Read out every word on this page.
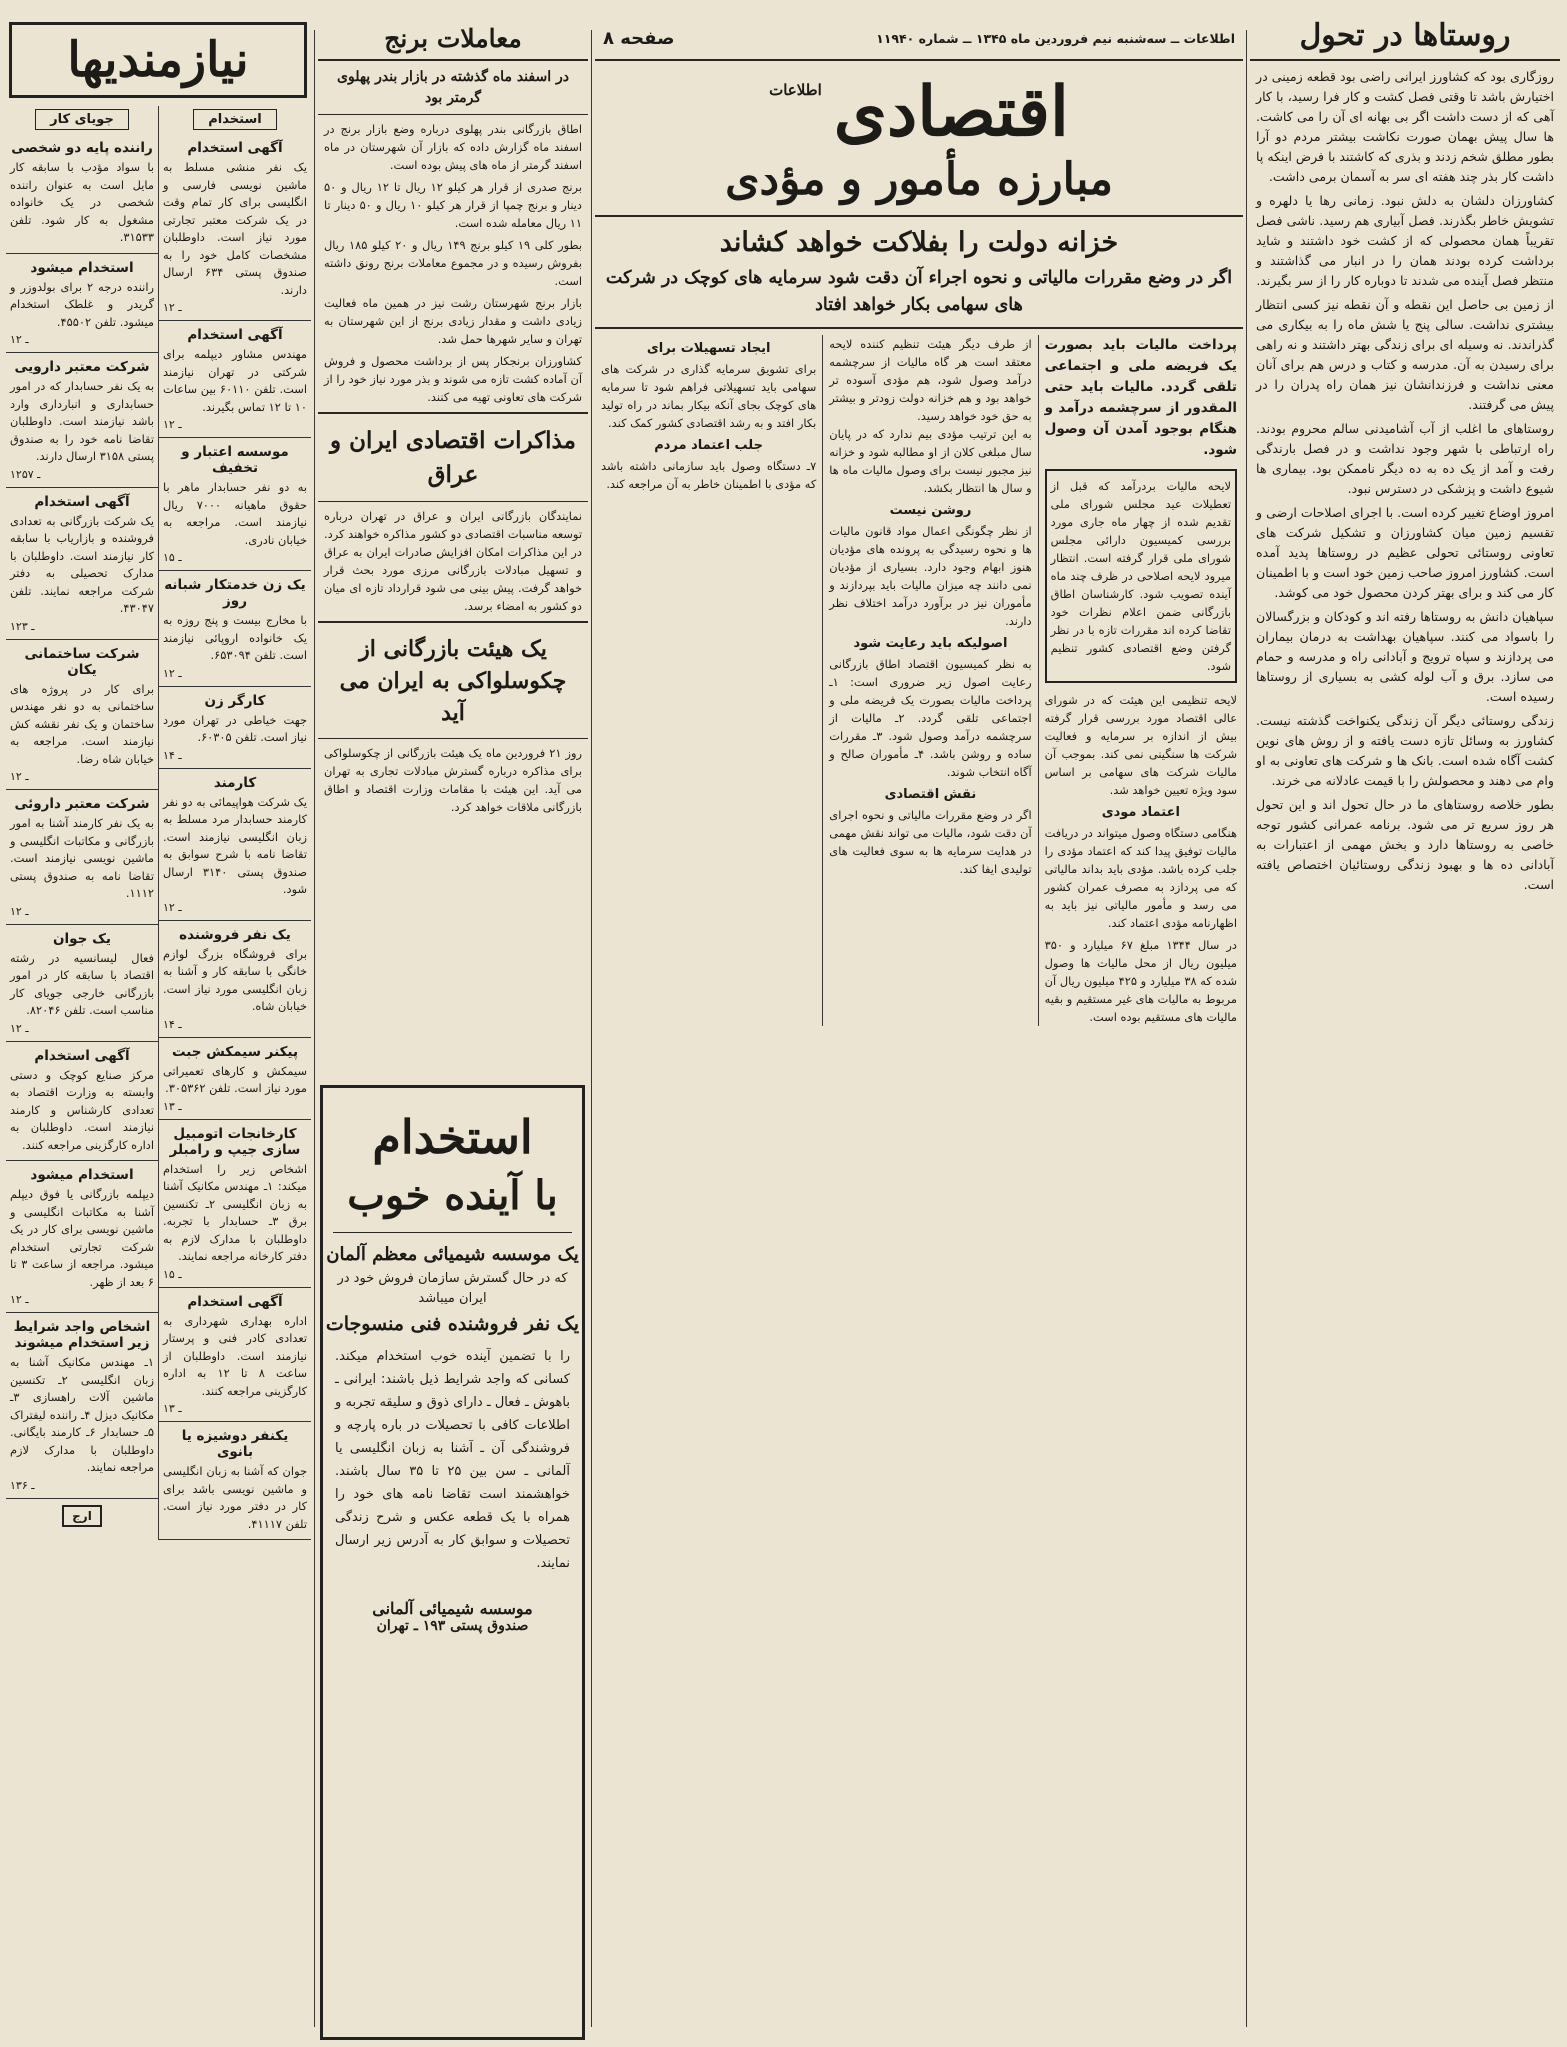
روستاها در تحول

روزگاری بود که کشاورز ایرانی راضی بود قطعه زمینی در اختیارش باشد تا وقتی فصل کشت و کار فرا رسید، با کار آهی که از دست داشت اگر بی بهانه ای آن را می کاشت. ها سال پیش بهمان صورت نکاشت بیشتر مردم دو آرا بطور مطلق شخم زدند و بذری که کاشتند با فرض اینکه پا داشت کار بذر چند هفته ای سر به آسمان برمی داشت.

کشاورزان دلشان به دلش نبود. زمانی رها یا دلهره و تشویش خاطر بگذرند. فصل آبیاری هم رسید. ناشی فصل تقریباً همان محصولی که از کشت خود داشتند و شاید برداشت کرده بودند همان را در انبار می گذاشتند و منتظر فصل آینده می شدند تا دوباره کار را از سر بگیرند.

از زمین بی حاصل این نقطه و آن نقطه نیز کسی انتظار بیشتری نداشت. سالی پنج یا شش ماه را به بیکاری می گذراندند. نه وسیله ای برای زندگی بهتر داشتند و نه راهی برای رسیدن به آن. مدرسه و کتاب و درس هم برای آنان معنی نداشت و فرزندانشان نیز همان راه پدران را در پیش می گرفتند.

روستاهای ما اغلب از آب آشامیدنی سالم محروم بودند. راه ارتباطی با شهر وجود نداشت و در فصل بارندگی رفت و آمد از یک ده به ده دیگر ناممکن بود. بیماری ها شیوع داشت و پزشکی در دسترس نبود.

امروز اوضاع تغییر کرده است. با اجرای اصلاحات ارضی و تقسیم زمین میان کشاورزان و تشکیل شرکت های تعاونی روستائی تحولی عظیم در روستاها پدید آمده است. کشاورز امروز صاحب زمین خود است و با اطمینان کار می کند و برای بهتر کردن محصول خود می کوشد.

سپاهیان دانش به روستاها رفته اند و کودکان و بزرگسالان را باسواد می کنند. سپاهیان بهداشت به درمان بیماران می پردازند و سپاه ترویج و آبادانی راه و مدرسه و حمام می سازد. برق و آب لوله کشی به بسیاری از روستاها رسیده است.

زندگی روستائی دیگر آن زندگی یکنواخت گذشته نیست. کشاورز به وسائل تازه دست یافته و از روش های نوین کشت آگاه شده است. بانک ها و شرکت های تعاونی به او وام می دهند و محصولش را با قیمت عادلانه می خرند.

بطور خلاصه روستاهای ما در حال تحول اند و این تحول هر روز سریع تر می شود. برنامه عمرانی کشور توجه خاصی به روستاها دارد و بخش مهمی از اعتبارات به آبادانی ده ها و بهبود زندگی روستائیان اختصاص یافته است.

اطلاعات ــ سه‌شنبه نیم فروردین ماه ۱۳۴۵ ــ شماره ۱۱۹۴۰
صفحه ۸
اقتصادی
اطلاعات
مبارزه مأمور و مؤدی
خزانه دولت را بفلاکت خواهد کشاند
اگر در وضع مقررات مالیاتی و نحوه اجراء آن دقت شود سرمایه های کوچک در شرکت های سهامی بکار خواهد افتاد
پرداخت مالیات باید بصورت یک فریضه ملی و اجتماعی تلقی گردد. مالیات باید حتی المقدور از سرچشمه درآمد و هنگام بوجود آمدن آن وصول شود.
لایحه مالیات بردرآمد که قبل از تعطیلات عید مجلس شورای ملی تقدیم شده از چهار ماه جاری مورد بررسی کمیسیون دارائی مجلس شورای ملی قرار گرفته است. انتظار میرود لایحه اصلاحی در ظرف چند ماه آینده تصویب شود. کارشناسان اطاق بازرگانی ضمن اعلام نظرات خود تقاضا کرده اند مقررات تازه با در نظر گرفتن وضع اقتصادی کشور تنظیم شود.
لایحه تنظیمی این هیئت که در شورای عالی اقتصاد مورد بررسی قرار گرفته بیش از اندازه بر سرمایه و فعالیت شرکت ها سنگینی نمی کند. بموجب آن مالیات شرکت های سهامی بر اساس سود ویژه تعیین خواهد شد.
اعتماد مودی
هنگامی دستگاه وصول میتواند در دریافت مالیات توفیق پیدا کند که اعتماد مؤدی را جلب کرده باشد. مؤدی باید بداند مالیاتی که می پردازد به مصرف عمران کشور می رسد و مأمور مالیاتی نیز باید به اظهارنامه مؤدی اعتماد کند.
در سال ۱۳۴۴ مبلغ ۶۷ میلیارد و ۳۵۰ میلیون ریال از محل مالیات ها وصول شده که ۳۸ میلیارد و ۴۲۵ میلیون ریال آن مربوط به مالیات های غیر مستقیم و بقیه مالیات های مستقیم بوده است.
از طرف دیگر هیئت تنظیم کننده لایحه معتقد است هر گاه مالیات از سرچشمه درآمد وصول شود، هم مؤدی آسوده تر خواهد بود و هم خزانه دولت زودتر و بیشتر به حق خود خواهد رسید.
به این ترتیب مؤدی بیم ندارد که در پایان سال مبلغی کلان از او مطالبه شود و خزانه نیز مجبور نیست برای وصول مالیات ماه ها و سال ها انتظار بکشد.
روشن نیست
از نظر چگونگی اعمال مواد قانون مالیات ها و نحوه رسیدگی به پرونده های مؤدیان هنوز ابهام وجود دارد. بسیاری از مؤدیان نمی دانند چه میزان مالیات باید بپردازند و مأموران نیز در برآورد درآمد اختلاف نظر دارند.
اصولیکه باید رعایت شود
به نظر کمیسیون اقتصاد اطاق بازرگانی رعایت اصول زیر ضروری است: ۱ـ پرداخت مالیات بصورت یک فریضه ملی و اجتماعی تلقی گردد. ۲ـ مالیات از سرچشمه درآمد وصول شود. ۳ـ مقررات ساده و روشن باشد. ۴ـ مأموران صالح و آگاه انتخاب شوند.
نقش اقتصادی
اگر در وضع مقررات مالیاتی و نحوه اجرای آن دقت شود، مالیات می تواند نقش مهمی در هدایت سرمایه ها به سوی فعالیت های تولیدی ایفا کند.
ایجاد تسهیلات برای
برای تشویق سرمایه گذاری در شرکت های سهامی باید تسهیلاتی فراهم شود تا سرمایه های کوچک بجای آنکه بیکار بماند در راه تولید بکار افتد و به رشد اقتصادی کشور کمک کند.
جلب اعتماد مردم
۷ـ دستگاه وصول باید سازمانی داشته باشد که مؤدی با اطمینان خاطر به آن مراجعه کند.
معاملات برنج
در اسفند ماه گذشته در بازار بندر پهلوی گرمتر بود

اطاق بازرگانی بندر پهلوی درباره وضع بازار برنج در اسفند ماه گزارش داده که بازار آن شهرستان در ماه اسفند گرمتر از ماه های پیش بوده است.

برنج صدری از قرار هر کیلو ۱۲ ریال تا ۱۲ ریال و ۵۰ دینار و برنج چمپا از قرار هر کیلو ۱۰ ریال و ۵۰ دینار تا ۱۱ ریال معامله شده است.

بطور کلی ۱۹ کیلو برنج ۱۴۹ ریال و ۲۰ کیلو ۱۸۵ ریال بفروش رسیده و در مجموع معاملات برنج رونق داشته است.

بازار برنج شهرستان رشت نیز در همین ماه فعالیت زیادی داشت و مقدار زیادی برنج از این شهرستان به تهران و سایر شهرها حمل شد.

کشاورزان برنجکار پس از برداشت محصول و فروش آن آماده کشت تازه می شوند و بذر مورد نیاز خود را از شرکت های تعاونی تهیه می کنند.

مذاکرات اقتصادی ایران و عراق
نمایندگان بازرگانی ایران و عراق در تهران درباره توسعه مناسبات اقتصادی دو کشور مذاکره خواهند کرد. در این مذاکرات امکان افزایش صادرات ایران به عراق و تسهیل مبادلات بازرگانی مرزی مورد بحث قرار خواهد گرفت. پیش بینی می شود قرارداد تازه ای میان دو کشور به امضاء برسد.
یک هیئت بازرگانی از چکوسلواکی به ایران می آید
روز ۲۱ فروردین ماه یک هیئت بازرگانی از چکوسلواکی برای مذاکره درباره گسترش مبادلات تجاری به تهران می آید. این هیئت با مقامات وزارت اقتصاد و اطاق بازرگانی ملاقات خواهد کرد.
استخدام
با آینده خوب
یک موسسه شیمیائی معظم آلمان
که در حال گسترش سازمان فروش خود در ایران میباشد
یک نفر فروشنده فنی منسوجات
را با تضمین آینده خوب استخدام میکند. کسانی که واجد شرایط ذیل باشند: ایرانی ـ باهوش ـ فعال ـ دارای ذوق و سلیقه تجربه و اطلاعات کافی با تحصیلات در باره پارچه و فروشندگی آن ـ آشنا به زبان انگلیسی یا آلمانی ـ سن بین ۲۵ تا ۳۵ سال باشند. خواهشمند است تقاضا نامه های خود را همراه با یک قطعه عکس و شرح زندگی تحصیلات و سوابق کار به آدرس زیر ارسال نمایند.
موسسه شیمیائی آلمانی
صندوق پستی ۱۹۳ ـ تهران
نیازمندیها
استخدام
آگهی استخدام
یک نفر منشی مسلط به ماشین نویسی فارسی و انگلیسی برای کار تمام وقت در یک شرکت معتبر تجارتی مورد نیاز است. داوطلبان مشخصات کامل خود را به صندوق پستی ۶۳۴ ارسال دارند.
۱ـ ۲
آگهی استخدام
مهندس مشاور دیپلمه برای شرکتی در تهران نیازمند است. تلفن ۶۰۱۱۰ بین ساعات ۱۰ تا ۱۲ تماس بگیرند.
۱ـ ۲
موسسه اعتبار و تخفیف
به دو نفر حسابدار ماهر با حقوق ماهیانه ۷۰۰۰ ریال نیازمند است. مراجعه به خیابان نادری.
۱ـ ۵
یک زن خدمتکار شبانه روز
با مخارج بیست و پنج روزه به یک خانواده اروپائی نیازمند است. تلفن ۶۵۳۰۹۴.
۱ـ ۲
کارگر زن
جهت خیاطی در تهران مورد نیاز است. تلفن ۶۰۳۰۵.
۱ـ ۴
کارمند
یک شرکت هواپیمائی به دو نفر کارمند حسابدار مرد مسلط به زبان انگلیسی نیازمند است. تقاضا نامه با شرح سوابق به صندوق پستی ۳۱۴۰ ارسال شود.
۱ـ ۲
یک نفر فروشنده
برای فروشگاه بزرگ لوازم خانگی با سابقه کار و آشنا به زبان انگلیسی مورد نیاز است. خیابان شاه.
۱ـ ۴
پیکنر سیمکش جبت
سیمکش و کارهای تعمیراتی مورد نیاز است. تلفن ۳۰۵۳۶۲.
۱ـ ۳
کارخانجات اتومبیل سازی جیپ و رامبلر
اشخاص زیر را استخدام میکند: ۱ـ مهندس مکانیک آشنا به زبان انگلیسی ۲ـ تکنسین برق ۳ـ حسابدار با تجربه. داوطلبان با مدارک لازم به دفتر کارخانه مراجعه نمایند.
۱ـ ۵
آگهی استخدام
اداره بهداری شهرداری به تعدادی کادر فنی و پرستار نیازمند است. داوطلبان از ساعت ۸ تا ۱۲ به اداره کارگزینی مراجعه کنند.
۱ـ ۳
یکنفر دوشیزه یا بانوی
جوان که آشنا به زبان انگلیسی و ماشین نویسی باشد برای کار در دفتر مورد نیاز است. تلفن ۴۱۱۱۷.
جویای کار
راننده پایه دو شخصی
با سواد مؤدب با سابقه کار مایل است به عنوان راننده شخصی در یک خانواده مشغول به کار شود. تلفن ۳۱۵۳۳.
استخدام میشود
راننده درجه ۲ برای بولدوزر و گریدر و غلطک استخدام میشود. تلفن ۴۵۵۰۲.
۱ـ ۲
شرکت معتبر دارویی
به یک نفر حسابدار که در امور حسابداری و انبارداری وارد باشد نیازمند است. داوطلبان تقاضا نامه خود را به صندوق پستی ۳۱۵۸ ارسال دارند.
۱ـ ۲۵۷
آگهی استخدام
یک شرکت بازرگانی به تعدادی فروشنده و بازاریاب با سابقه کار نیازمند است. داوطلبان با مدارک تحصیلی به دفتر شرکت مراجعه نمایند. تلفن ۴۳۰۴۷.
۱ـ ۲۳
شرکت ساختمانی یکان
برای کار در پروژه های ساختمانی به دو نفر مهندس ساختمان و یک نفر نقشه کش نیازمند است. مراجعه به خیابان شاه رضا.
۱ـ ۲
شرکت معتبر داروئی
به یک نفر کارمند آشنا به امور بازرگانی و مکاتبات انگلیسی و ماشین نویسی نیازمند است. تقاضا نامه به صندوق پستی ۱۱۱۲.
۱ـ ۲
یک جوان
فعال لیسانسیه در رشته اقتصاد با سابقه کار در امور بازرگانی خارجی جویای کار مناسب است. تلفن ۸۲۰۴۶.
۱ـ ۲
آگهی استخدام
مرکز صنایع کوچک و دستی وابسته به وزارت اقتصاد به تعدادی کارشناس و کارمند نیازمند است. داوطلبان به اداره کارگزینی مراجعه کنند.
استخدام میشود
دیپلمه بازرگانی یا فوق دیپلم آشنا به مکاتبات انگلیسی و ماشین نویسی برای کار در یک شرکت تجارتی استخدام میشود. مراجعه از ساعت ۳ تا ۶ بعد از ظهر.
۱ـ ۲
اشخاص واجد شرایط زیر استخدام میشوند
۱ـ مهندس مکانیک آشنا به زبان انگلیسی ۲ـ تکنسین ماشین آلات راهسازی ۳ـ مکانیک دیزل ۴ـ راننده لیفتراک ۵ـ حسابدار ۶ـ کارمند بایگانی. داوطلبان با مدارک لازم مراجعه نمایند.
۱ـ ۳۶
ارج
